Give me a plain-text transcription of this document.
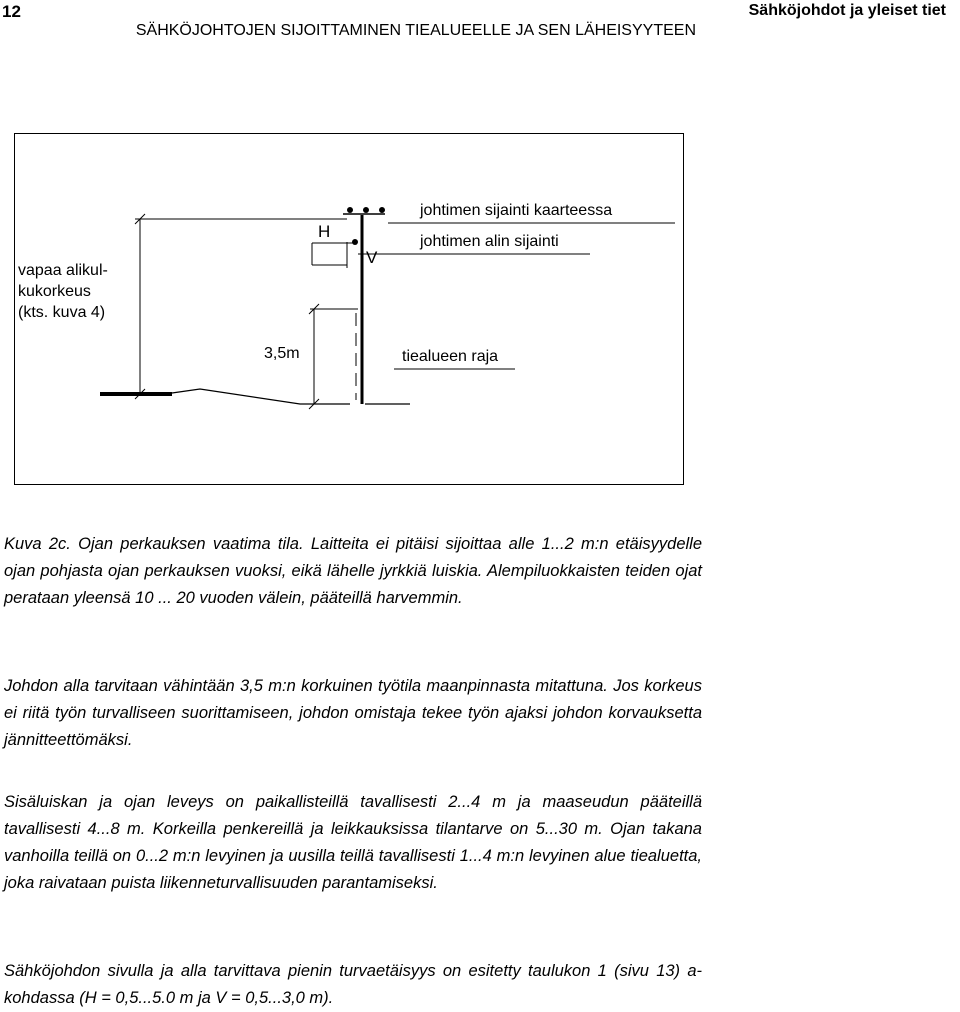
12	Sähköjohdot ja yleiset tiet
SÄHKÖJOHTOJEN SIJOITTAMINEN TIEALUEELLE JA SEN LÄHEISYYTEEN
vapaa alikul-
kukorkeus
(kts. kuva 4)
H
V
johtimen sijainti kaarteessa
johtimen alin sijainti
3,5m	tiealueen raja

Kuva 2c. Ojan perkauksen vaatima tila. Laitteita ei pitäisi sijoittaa alle 1...2 m:n etäisyydelle ojan pohjasta ojan perkauksen vuoksi, eikä lähelle jyrkkiä luiskia. Alempiluokkaisten teiden ojat perataan yleensä 10 ... 20 vuoden välein, pääteillä harvemmin.

Johdon alla tarvitaan vähintään 3,5 m:n korkuinen työtila maanpinnasta mitattuna. Jos korkeus ei riitä työn turvalliseen suorittamiseen, johdon omistaja tekee työn ajaksi johdon korvauksetta jännitteettömäksi.

Sisäluiskan ja ojan leveys on paikallisteillä tavallisesti 2...4 m ja maaseudun pääteillä tavallisesti 4...8 m. Korkeilla penkereillä ja leikkauksissa tilantarve on 5...30 m. Ojan takana vanhoilla teillä on 0...2 m:n levyinen ja uusilla teillä tavallisesti 1...4 m:n levyinen alue tiealuetta, joka raivataan puista liikenneturvallisuuden parantamiseksi.

Sähköjohdon sivulla ja alla tarvittava pienin turvaetäisyys on esitetty taulukon 1 (sivu 13) a-kohdassa (H = 0,5...5.0 m ja V = 0,5...3,0 m).
